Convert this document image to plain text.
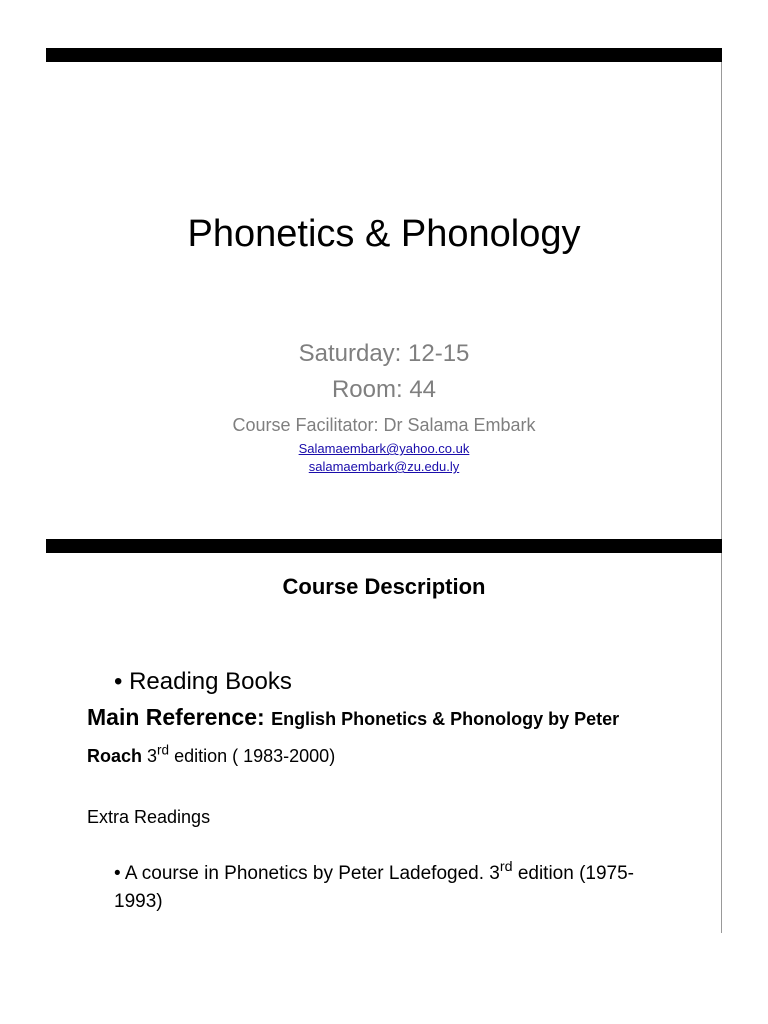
Phonetics & Phonology
Saturday: 12-15
Room: 44
Course Facilitator: Dr Salama Embark
Salamaembark@yahoo.co.uk
salamaembark@zu.edu.ly
Course Description
• Reading Books
Main Reference: English Phonetics & Phonology by Peter
Roach 3rd edition ( 1983-2000)
Extra Readings
• A course in Phonetics by Peter Ladefoged. 3rd edition (1975-
1993)
